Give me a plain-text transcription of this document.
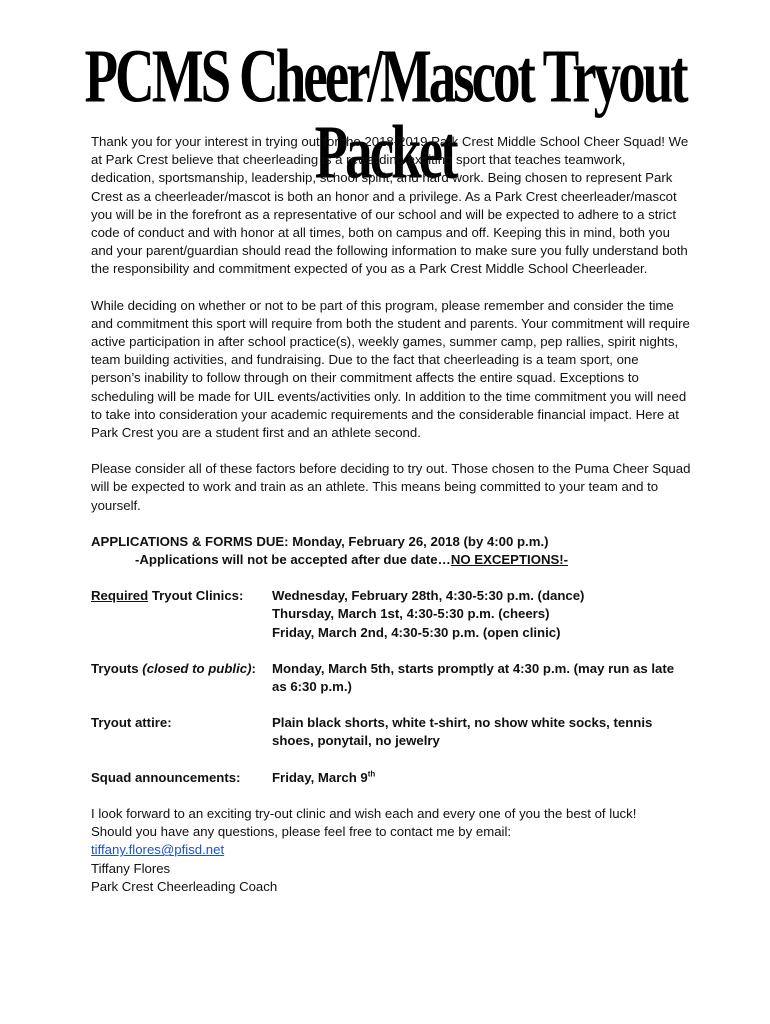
PCMS Cheer/Mascot Tryout Packet

Thank you for your interest in trying out for the 2018-2019 Park Crest Middle School Cheer Squad! We at Park Crest believe that cheerleading is a rewarding exciting sport that teaches teamwork, dedication, sportsmanship, leadership, school spirit, and hard work. Being chosen to represent Park Crest as a cheerleader/mascot is both an honor and a privilege. As a Park Crest cheerleader/mascot you will be in the forefront as a representative of our school and will be expected to adhere to a strict code of conduct and with honor at all times, both on campus and off. Keeping this in mind, both you and your parent/guardian should read the following information to make sure you fully understand both the responsibility and commitment expected of you as a Park Crest Middle School Cheerleader.

While deciding on whether or not to be part of this program, please remember and consider the time and commitment this sport will require from both the student and parents. Your commitment will require active participation in after school practice(s), weekly games, summer camp, pep rallies, spirit nights, team building activities, and fundraising. Due to the fact that cheerleading is a team sport, one person’s inability to follow through on their commitment affects the entire squad. Exceptions to scheduling will be made for UIL events/activities only. In addition to the time commitment you will need to take into consideration your academic requirements and the considerable financial impact. Here at Park Crest you are a student first and an athlete second.

Please consider all of these factors before deciding to try out. Those chosen to the Puma Cheer Squad will be expected to work and train as an athlete. This means being committed to your team and to yourself.

APPLICATIONS & FORMS DUE: Monday, February 26, 2018 (by 4:00 p.m.)

-Applications will not be accepted after due date…NO EXCEPTIONS!-

Required Tryout Clinics:	Wednesday, February 28th, 4:30-5:30 p.m. (dance)
Thursday, March 1st, 4:30-5:30 p.m. (cheers)
Friday, March 2nd, 4:30-5:30 p.m. (open clinic)
Tryouts (closed to public):	Monday, March 5th, starts promptly at 4:30 p.m. (may run as late as 6:30 p.m.)
Tryout attire:	Plain black shorts, white t-shirt, no show white socks, tennis shoes, ponytail, no jewelry
Squad announcements:	Friday, March 9th
I look forward to an exciting try-out clinic and wish each and every one of you the best of luck!
Should you have any questions, please feel free to contact me by email:
tiffany.flores@pfisd.net
Tiffany Flores
Park Crest Cheerleading Coach
